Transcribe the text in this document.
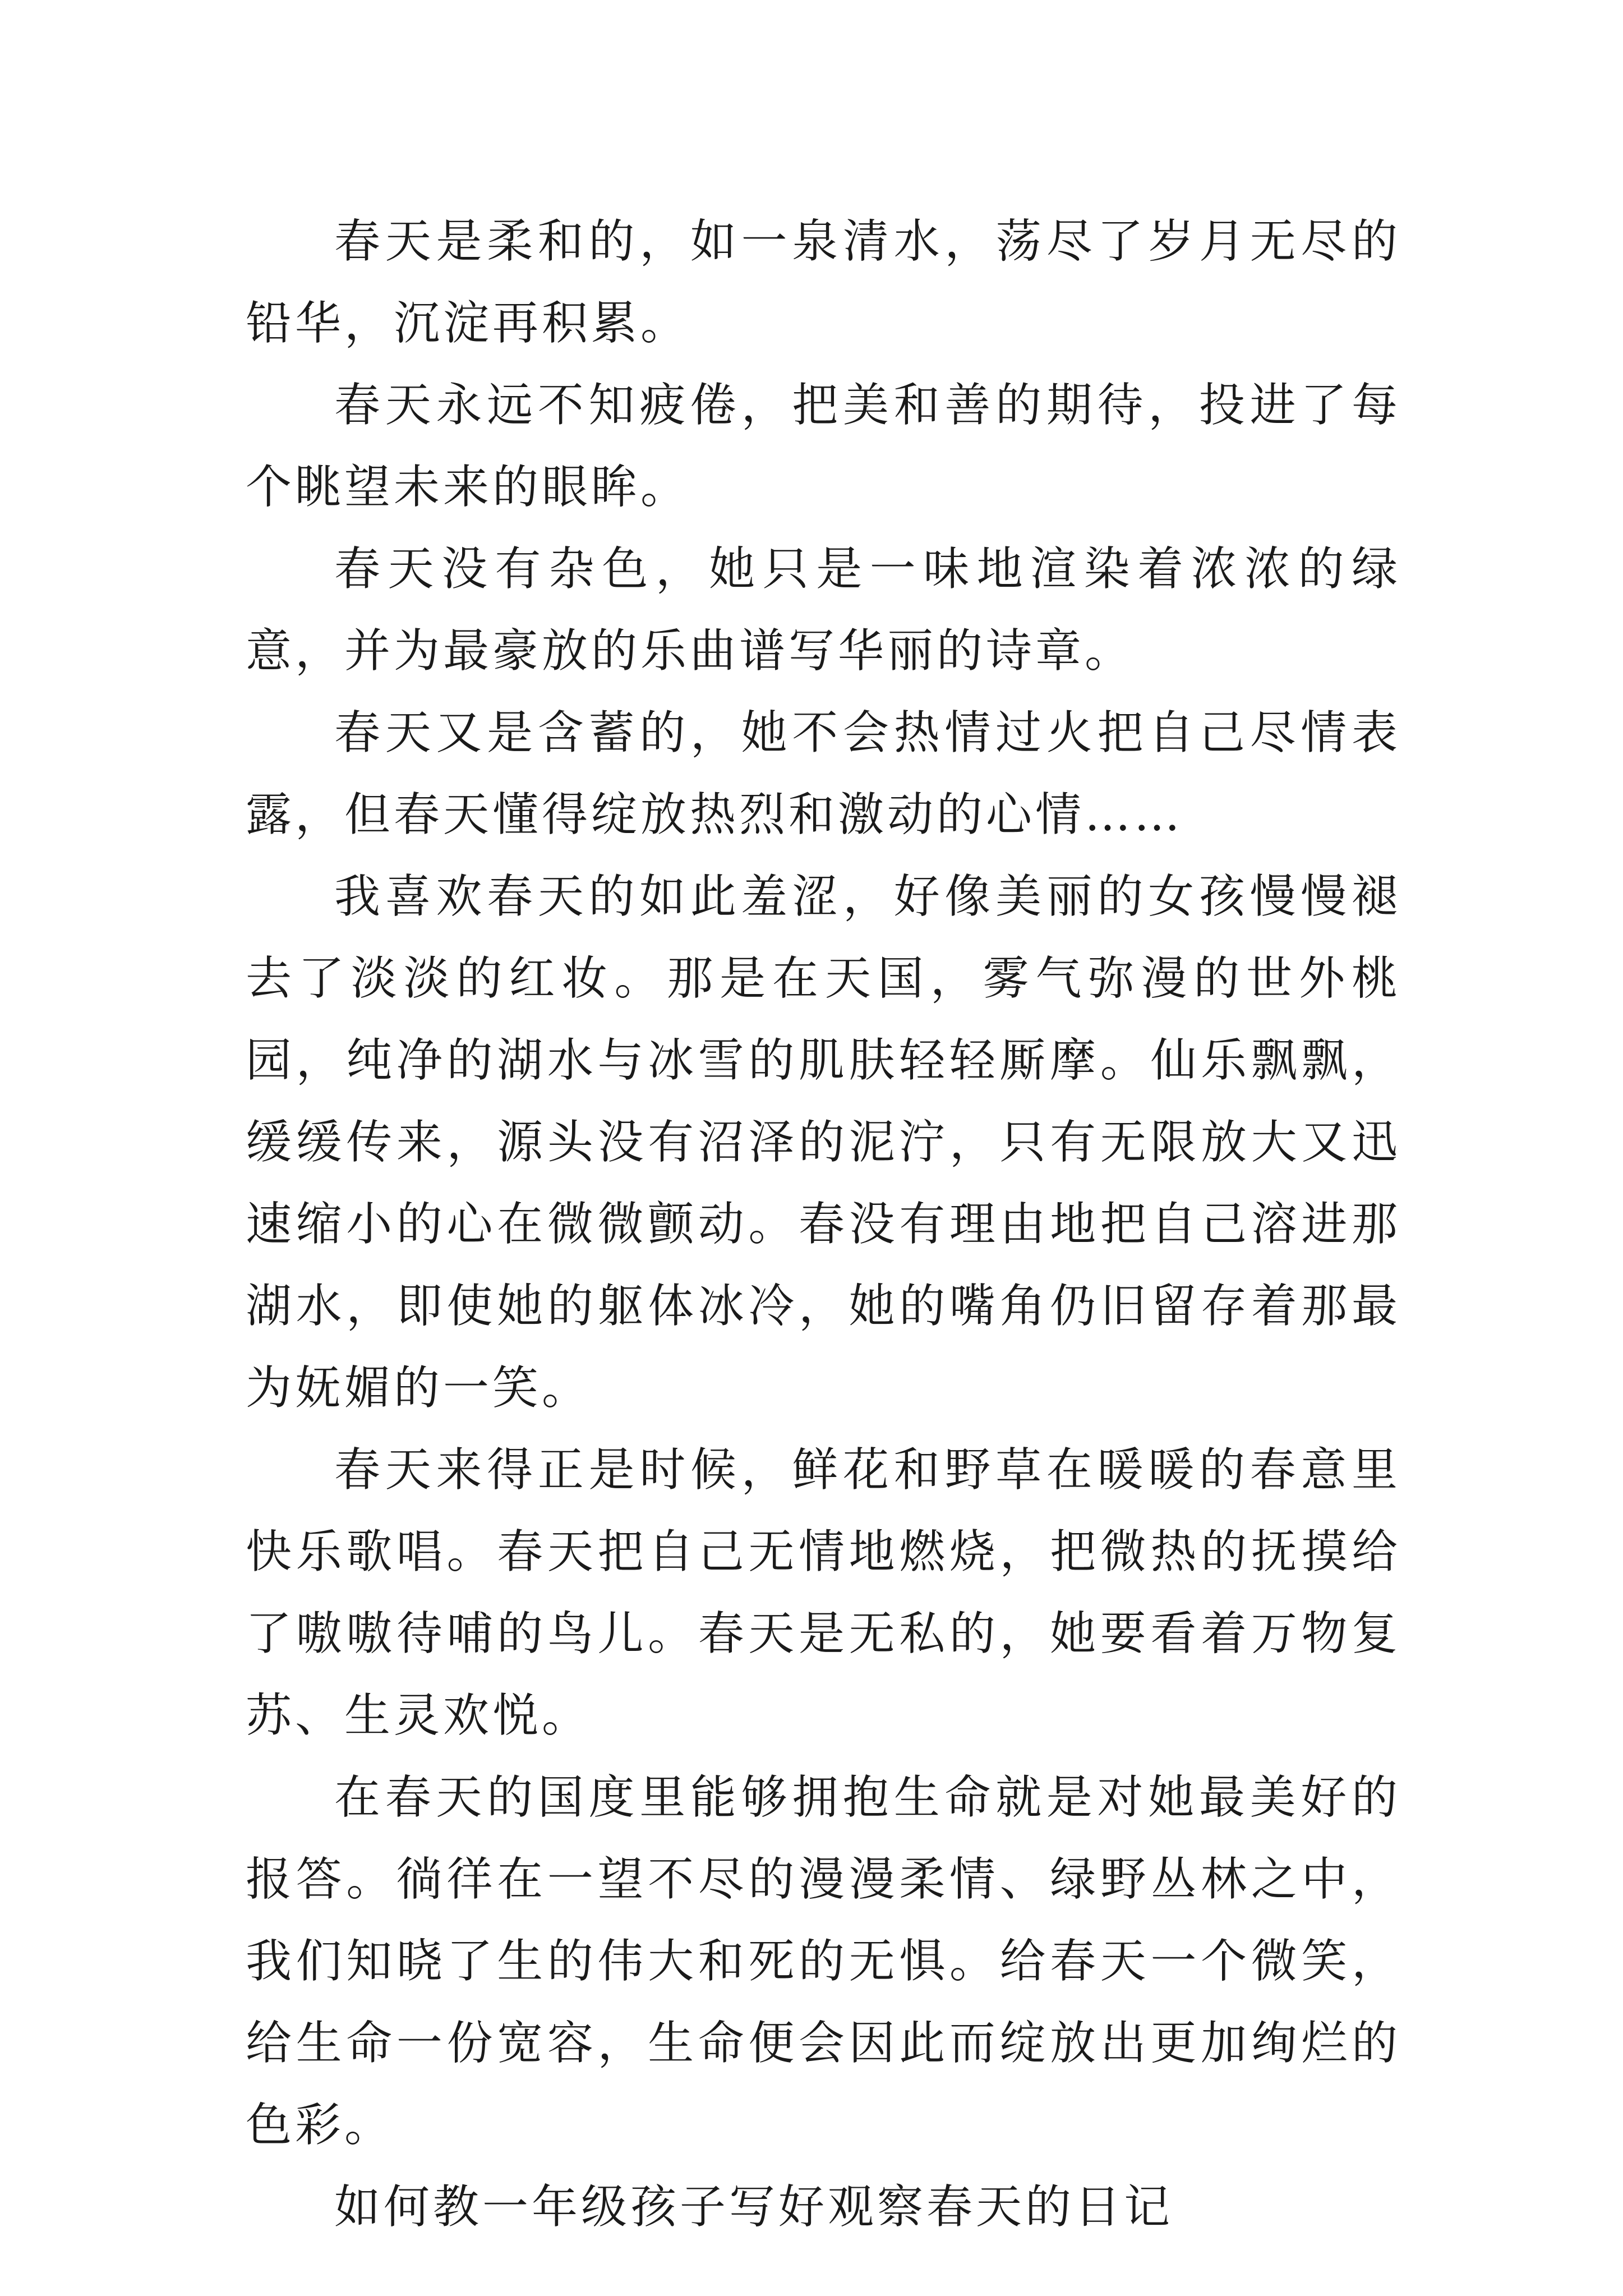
春天是柔和的，如一泉清水，荡尽了岁月无尽的铅华，沉淀再积累。

春天永远不知疲倦，把美和善的期待，投进了每个眺望未来的眼眸。

春天没有杂色，她只是一味地渲染着浓浓的绿意，并为最豪放的乐曲谱写华丽的诗章。

春天又是含蓄的，她不会热情过火把自己尽情表露，但春天懂得绽放热烈和激动的心情……

我喜欢春天的如此羞涩，好像美丽的女孩慢慢褪去了淡淡的红妆。那是在天国，雾气弥漫的世外桃园，纯净的湖水与冰雪的肌肤轻轻厮摩。仙乐飘飘，缓缓传来，源头没有沼泽的泥泞，只有无限放大又迅速缩小的心在微微颤动。春没有理由地把自己溶进那湖水，即使她的躯体冰冷，她的嘴角仍旧留存着那最为妩媚的一笑。

春天来得正是时候，鲜花和野草在暖暖的春意里快乐歌唱。春天把自己无情地燃烧，把微热的抚摸给了嗷嗷待哺的鸟儿。春天是无私的，她要看着万物复苏、生灵欢悦。

在春天的国度里能够拥抱生命就是对她最美好的报答。徜徉在一望不尽的漫漫柔情、绿野丛林之中，我们知晓了生的伟大和死的无惧。给春天一个微笑，给生命一份宽容，生命便会因此而绽放出更加绚烂的色彩。

如何教一年级孩子写好观察春天的日记
